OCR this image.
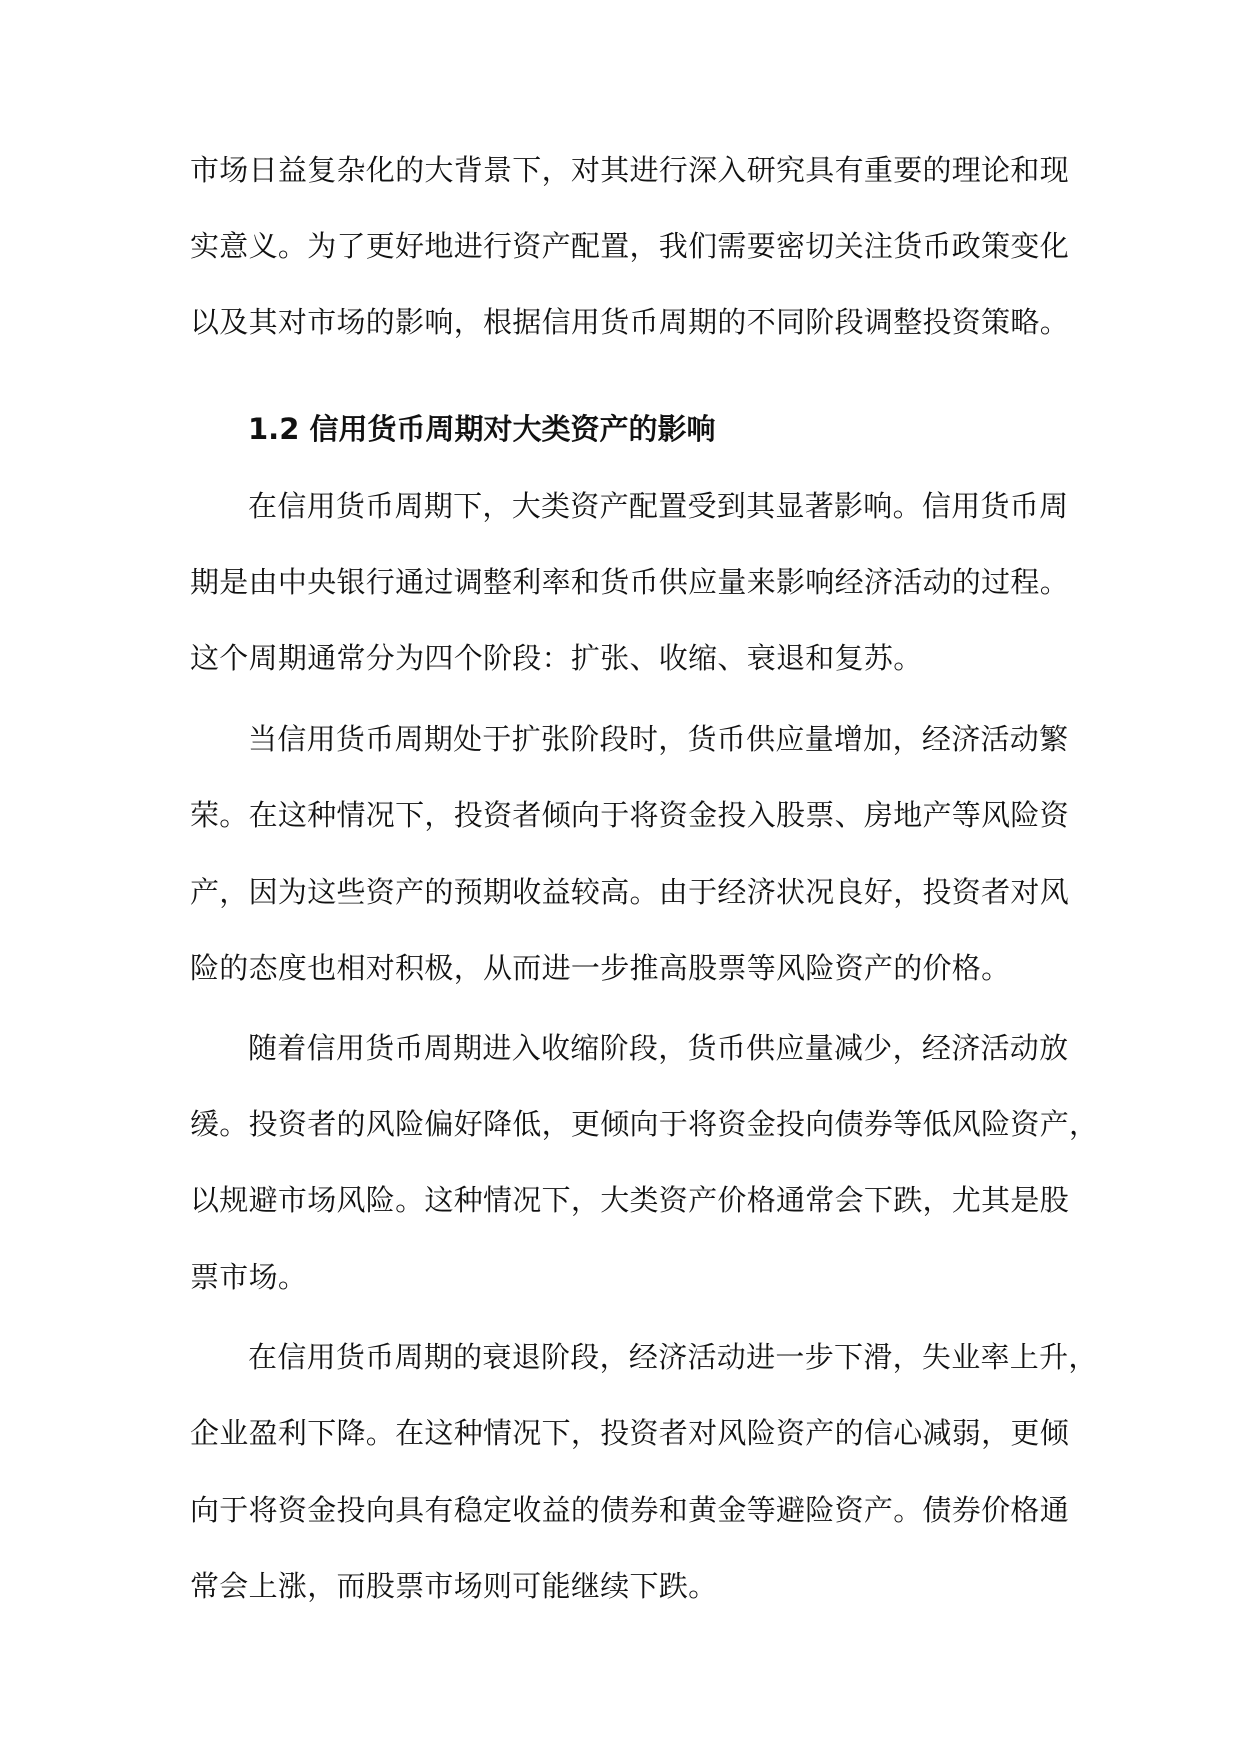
市场日益复杂化的大背景下，对其进行深入研究具有重要的理论和现
实意义。为了更好地进行资产配置，我们需要密切关注货币政策变化
以及其对市场的影响，根据信用货币周期的不同阶段调整投资策略。
1.2 信用货币周期对大类资产的影响
在信用货币周期下，大类资产配置受到其显著影响。信用货币周
期是由中央银行通过调整利率和货币供应量来影响经济活动的过程。
这个周期通常分为四个阶段：扩张、收缩、衰退和复苏。
当信用货币周期处于扩张阶段时，货币供应量增加，经济活动繁
荣。在这种情况下，投资者倾向于将资金投入股票、房地产等风险资
产，因为这些资产的预期收益较高。由于经济状况良好，投资者对风
险的态度也相对积极，从而进一步推高股票等风险资产的价格。
随着信用货币周期进入收缩阶段，货币供应量减少，经济活动放
缓。投资者的风险偏好降低，更倾向于将资金投向债券等低风险资产，
以规避市场风险。这种情况下，大类资产价格通常会下跌，尤其是股
票市场。
在信用货币周期的衰退阶段，经济活动进一步下滑，失业率上升，
企业盈利下降。在这种情况下，投资者对风险资产的信心减弱，更倾
向于将资金投向具有稳定收益的债券和黄金等避险资产。债券价格通
常会上涨，而股票市场则可能继续下跌。
